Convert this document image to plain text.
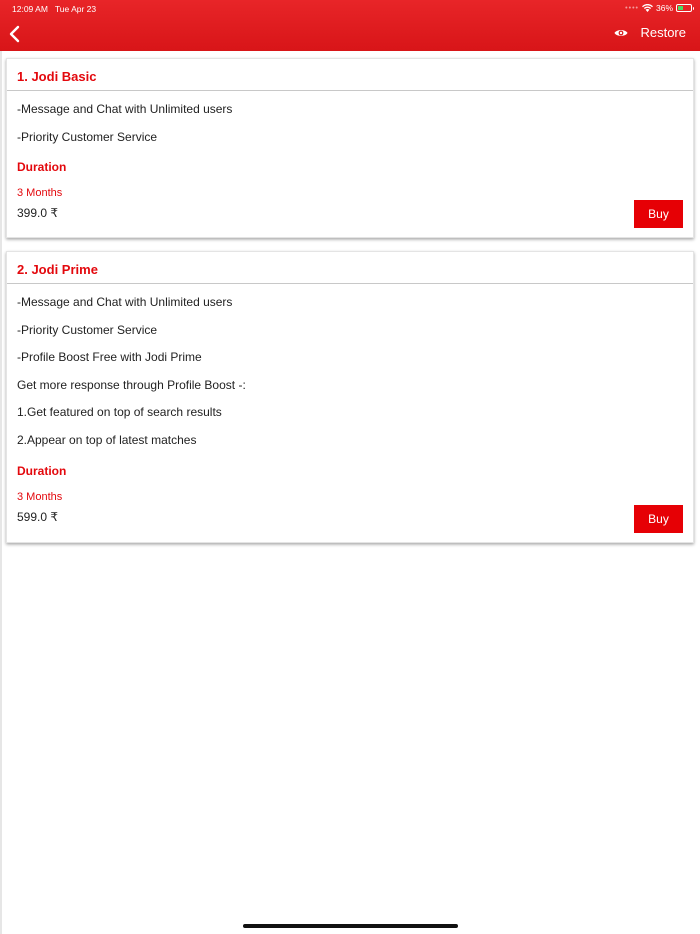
12:09 AM Tue Apr 23	•••• 36%
Restore
1. Jodi Basic
-Message and Chat with Unlimited users
-Priority Customer Service
Duration
3 Months
399.0 ₹	Buy
2. Jodi Prime
-Message and Chat with Unlimited users
-Priority Customer Service
-Profile Boost Free with Jodi Prime
Get more response through Profile Boost -:
1.Get featured on top of search results
2.Appear on top of latest matches
Duration
3 Months
599.0 ₹	Buy
